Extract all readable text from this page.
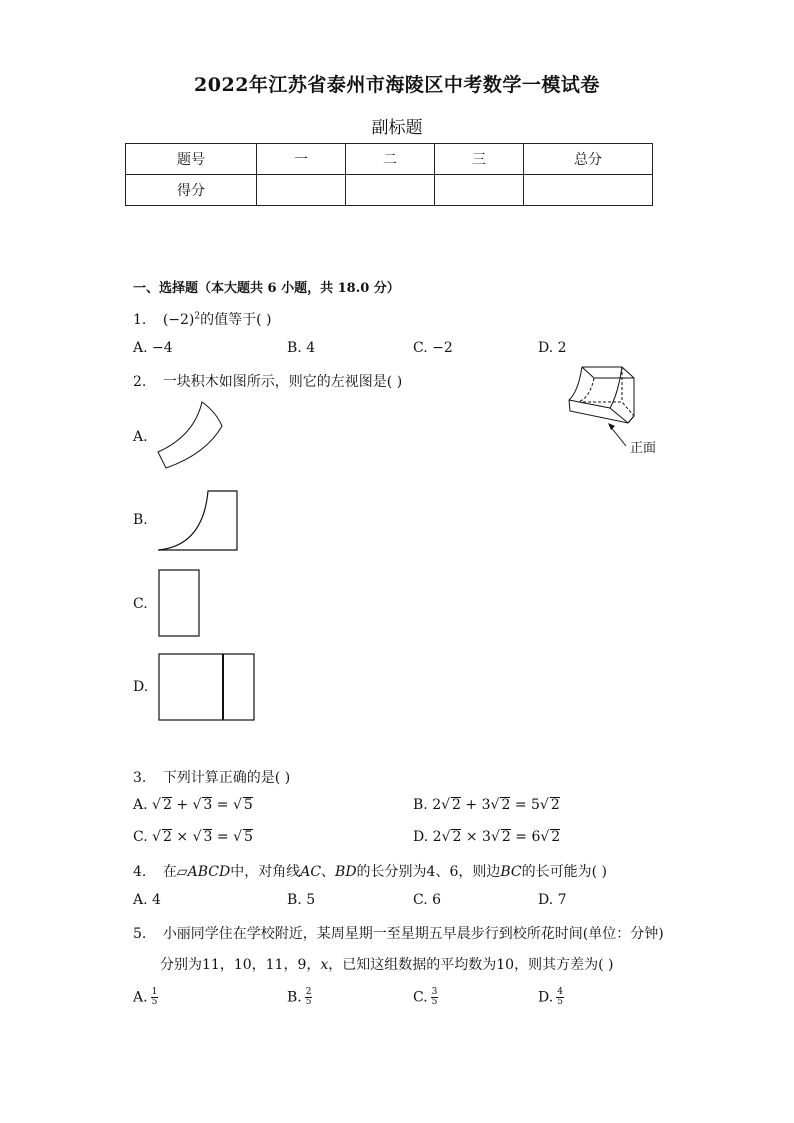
2022年江苏省泰州市海陵区中考数学一模试卷
副标题
题号	一	二	三	总分
得分				
一、选择题（本大题共 6 小题，共 18.0 分）
1. $(-2)^2$的值等于( )
A. −4	B. 4	C. −2	D. 2
2. 一块积木如图所示，则它的左视图是( )
正面
A.
B.
C.
D.
3. 下列计算正确的是( )
A. √ 2 + √ 3 = √ 5	B. 2√ 2 + 3√ 2 = 5√ 2
C. √ 2 × √ 3 = √ 5	D. 2√ 2 × 3√ 2 = 6√ 2
4. 在▱ABCD中，对角线AC、BD的长分别为4、6，则边BC的长可能为( )
A. 4	B. 5	C. 6	D. 7
5. 小丽同学住在学校附近，某周星期一至星期五早晨步行到校所花时间(单位：分钟)
分别为11，10，11，9，x，已知这组数据的平均数为10，则其方差为( )
A. $\frac{1}{5}$	B. $\frac{2}{5}$	C. $\frac{3}{5}$	D. $\frac{4}{5}$
